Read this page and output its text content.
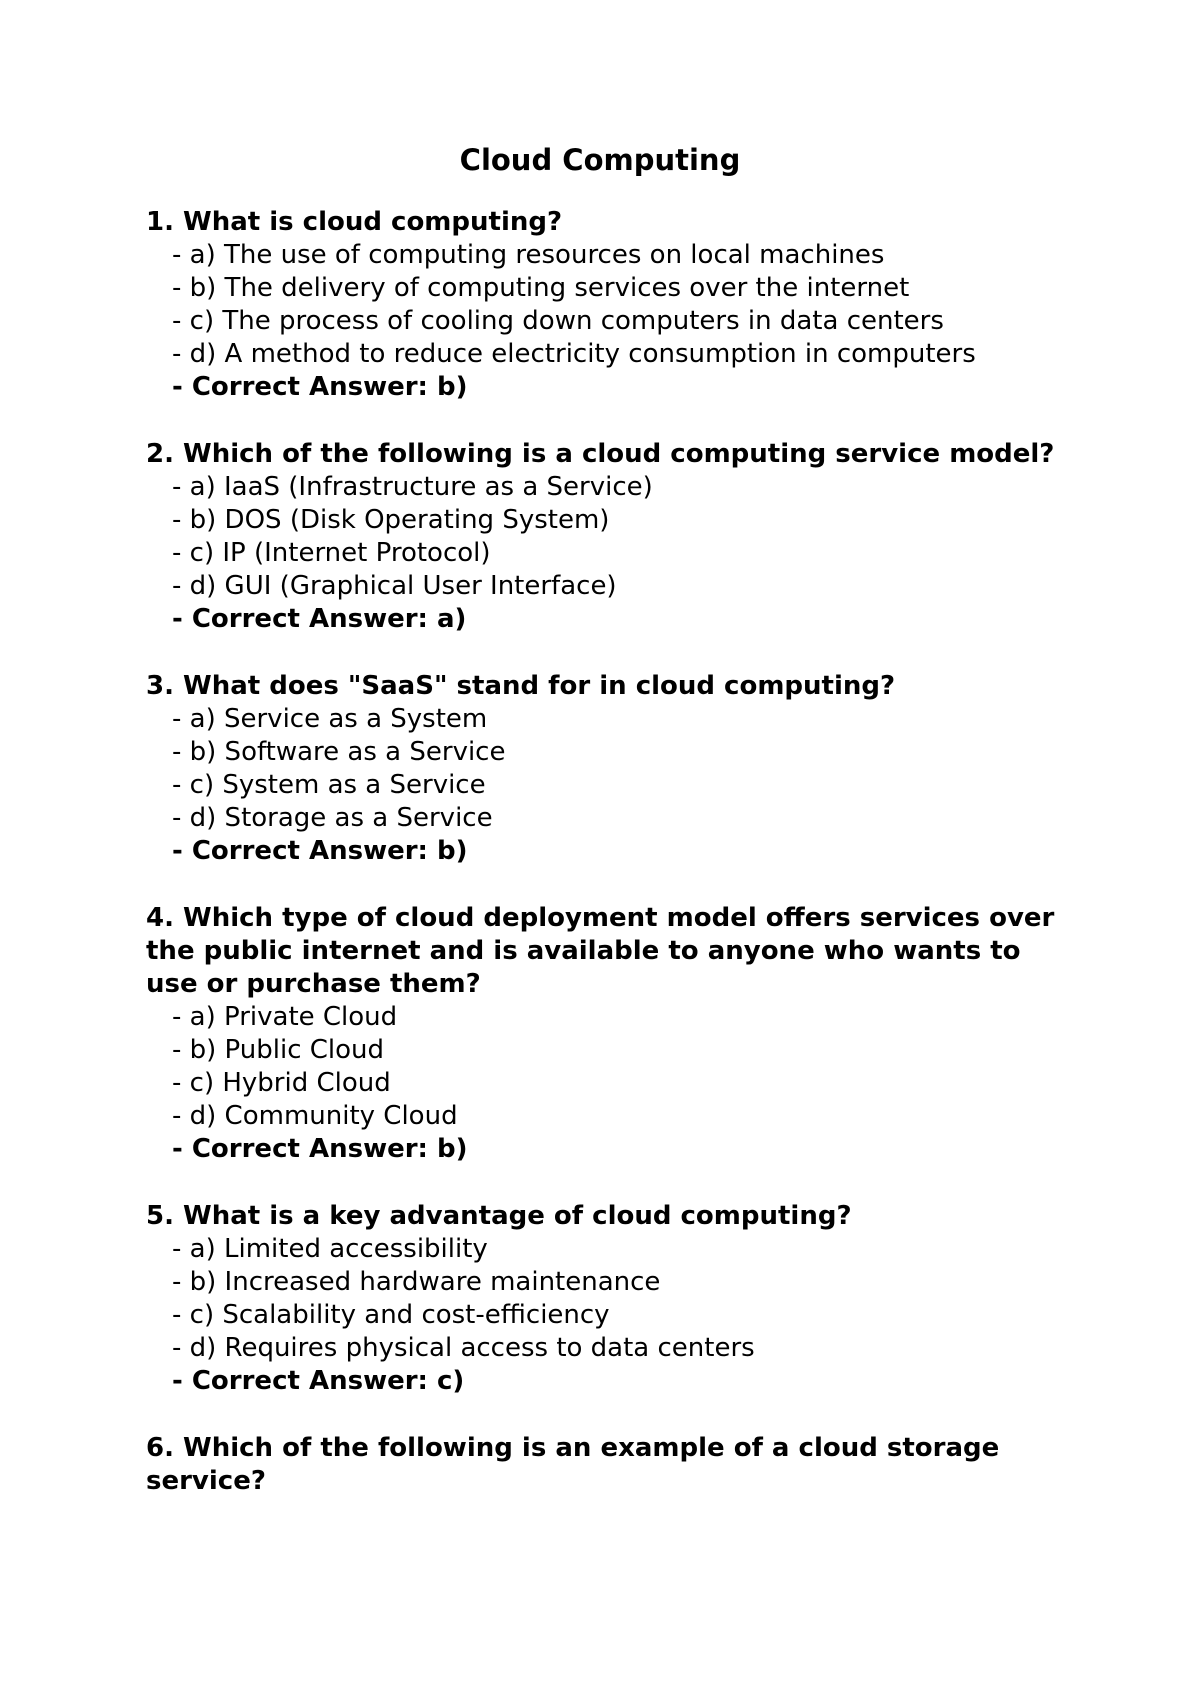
Cloud Computing

1. What is cloud computing?

- a) The use of computing resources on local machines
- b) The delivery of computing services over the internet
- c) The process of cooling down computers in data centers
- d) A method to reduce electricity consumption in computers
- Correct Answer: b)

2. Which of the following is a cloud computing service model?

- a) IaaS (Infrastructure as a Service)
- b) DOS (Disk Operating System)
- c) IP (Internet Protocol)
- d) GUI (Graphical User Interface)
- Correct Answer: a)

3. What does "SaaS" stand for in cloud computing?

- a) Service as a System
- b) Software as a Service
- c) System as a Service
- d) Storage as a Service
- Correct Answer: b)

4. Which type of cloud deployment model offers services over the public internet and is available to anyone who wants to use or purchase them?

- a) Private Cloud
- b) Public Cloud
- c) Hybrid Cloud
- d) Community Cloud
- Correct Answer: b)

5. What is a key advantage of cloud computing?

- a) Limited accessibility
- b) Increased hardware maintenance
- c) Scalability and cost-efficiency
- d) Requires physical access to data centers
- Correct Answer: c)

6. Which of the following is an example of a cloud storage service?
